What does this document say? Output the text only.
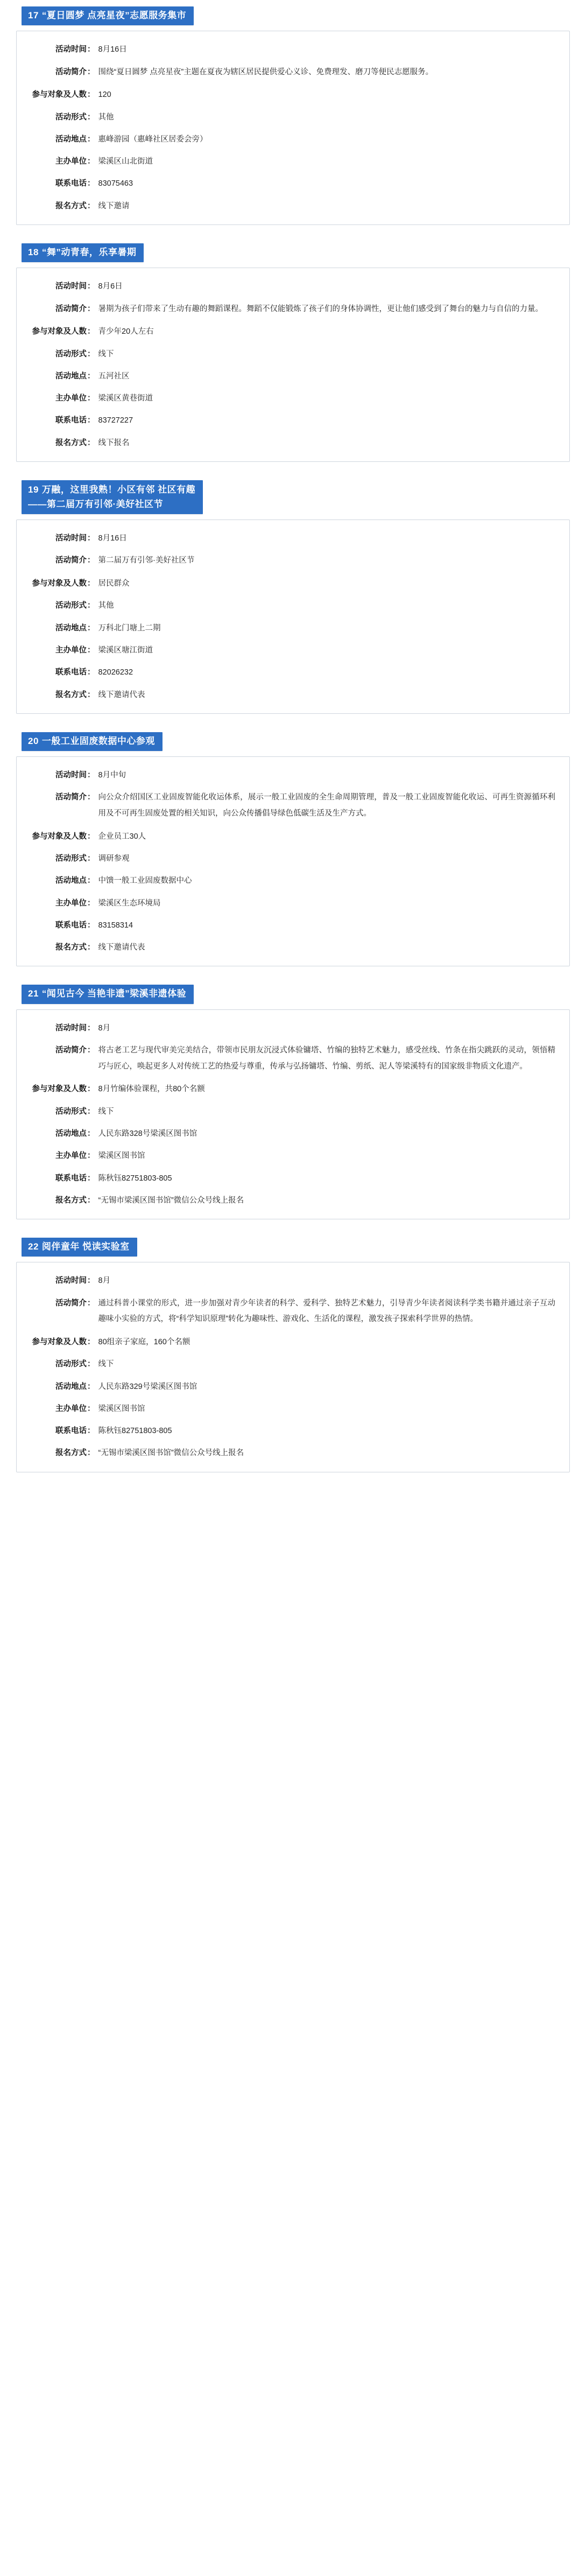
17 “夏日圆梦 点亮星夜”志愿服务集市
活动时间 ： 8月16日
活动简介 ： 围绕“夏日圆梦 点亮星夜”主题在夏夜为辖区居民提供爱心义诊、免费理发、磨刀等便民志愿服务。
参与对象及人数 ： 120
活动形式 ： 其他
活动地点 ： 惠峰游园（惠峰社区居委会旁）
主办单位 ： 梁溪区山北街道
联系电话 ： 83075463
报名方式 ： 线下邀请
18 “舞”动青春，乐享暑期
活动时间 ： 8月6日
活动简介 ： 暑期为孩子们带来了生动有趣的舞蹈课程。舞蹈不仅能锻炼了孩子们的身体协调性，更让他们感受到了舞台的魅力与自信的力量。
参与对象及人数 ： 青少年20人左右
活动形式 ： 线下
活动地点 ： 五河社区
主办单位 ： 梁溪区黄巷街道
联系电话 ： 83727227
报名方式 ： 线下报名
19 万融，这里我熟！小区有邻 社区有趣
——第二届万有引邻·美好社区节
活动时间 ： 8月16日
活动简介 ： 第二届万有引邻·美好社区节
参与对象及人数 ： 居民群众
活动形式 ： 其他
活动地点 ： 万科北门塘上二期
主办单位 ： 梁溪区塘江街道
联系电话 ： 82026232
报名方式 ： 线下邀请代表
20 一般工业固废数据中心参观
活动时间 ： 8月中旬
活动简介 ： 向公众介绍国区工业固废智能化收运体系，展示一般工业固废的全生命周期管理，普及一般工业固废智能化收运、可再生资源循环利用及不可再生固废处置的相关知识，向公众传播倡导绿色低碳生活及生产方式。
参与对象及人数 ： 企业员工30人
活动形式 ： 调研参观
活动地点 ： 中馈一般工业固废数据中心
主办单位 ： 梁溪区生态环境局
联系电话 ： 83158314
报名方式 ： 线下邀请代表
21 “闻见古今 当艳非遗”梁溪非遗体验
活动时间 ： 8月
活动简介 ： 将古老工艺与现代审美完美结合，带领市民朋友沉浸式体验镛塔、竹编的独特艺术魅力，感受丝线、竹条在指尖跳跃的灵动，领悟精巧与匠心，唤起更多人对传统工艺的热爱与尊重，传承与弘扬镛塔、竹编、剪纸、泥人等梁溪特有的国家级非物质文化遗产。
参与对象及人数 ： 8月竹编体验课程，共80个名额
活动形式 ： 线下
活动地点 ： 人民东路328号梁溪区图书馆
主办单位 ： 梁溪区图书馆
联系电话 ： 陈秋钰82751803-805
报名方式 ： “无锡市梁溪区图书馆”微信公众号线上报名
22 阅伴童年 悦读实验室
活动时间 ： 8月
活动简介 ： 通过科普小课堂的形式，进一步加强对青少年读者的科学、爱科学、独特艺术魅力，引导青少年读者阅读科学类书籍并通过亲子互动趣味小实验的方式，将“科学知识原理”转化为趣味性、游戏化、生活化的课程，激发孩子探索科学世界的热情。
参与对象及人数 ： 80组亲子家庭，160个名额
活动形式 ： 线下
活动地点 ： 人民东路329号梁溪区图书馆
主办单位 ： 梁溪区图书馆
联系电话 ： 陈秋钰82751803-805
报名方式 ： “无锡市梁溪区图书馆”微信公众号线上报名
